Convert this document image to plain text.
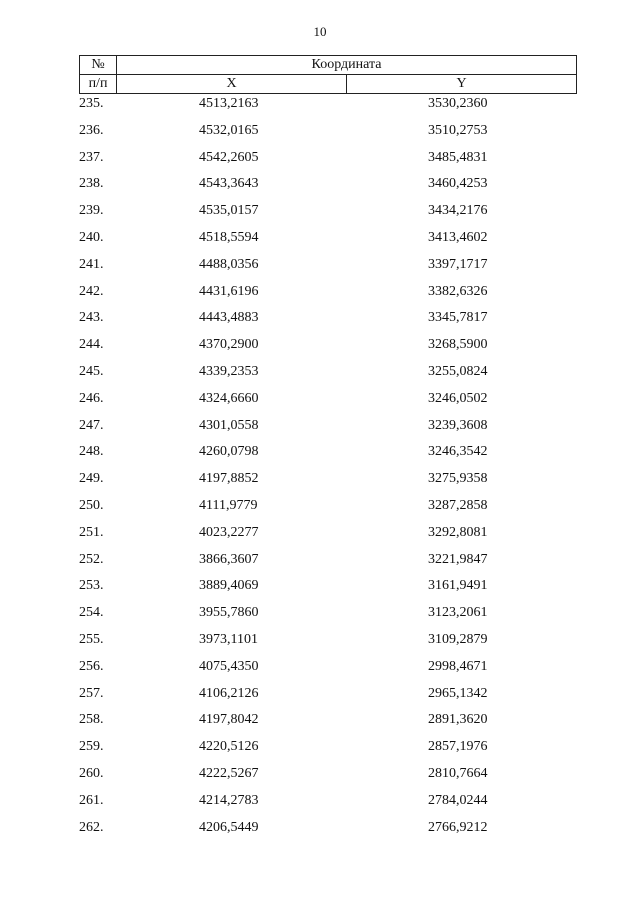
10
№	Координата	
п/п	X	Y
235.	4513,2163	3530,2360
236.	4532,0165	3510,2753
237.	4542,2605	3485,4831
238.	4543,3643	3460,4253
239.	4535,0157	3434,2176
240.	4518,5594	3413,4602
241.	4488,0356	3397,1717
242.	4431,6196	3382,6326
243.	4443,4883	3345,7817
244.	4370,2900	3268,5900
245.	4339,2353	3255,0824
246.	4324,6660	3246,0502
247.	4301,0558	3239,3608
248.	4260,0798	3246,3542
249.	4197,8852	3275,9358
250.	4111,9779	3287,2858
251.	4023,2277	3292,8081
252.	3866,3607	3221,9847
253.	3889,4069	3161,9491
254.	3955,7860	3123,2061
255.	3973,1101	3109,2879
256.	4075,4350	2998,4671
257.	4106,2126	2965,1342
258.	4197,8042	2891,3620
259.	4220,5126	2857,1976
260.	4222,5267	2810,7664
261.	4214,2783	2784,0244
262.	4206,5449	2766,9212
